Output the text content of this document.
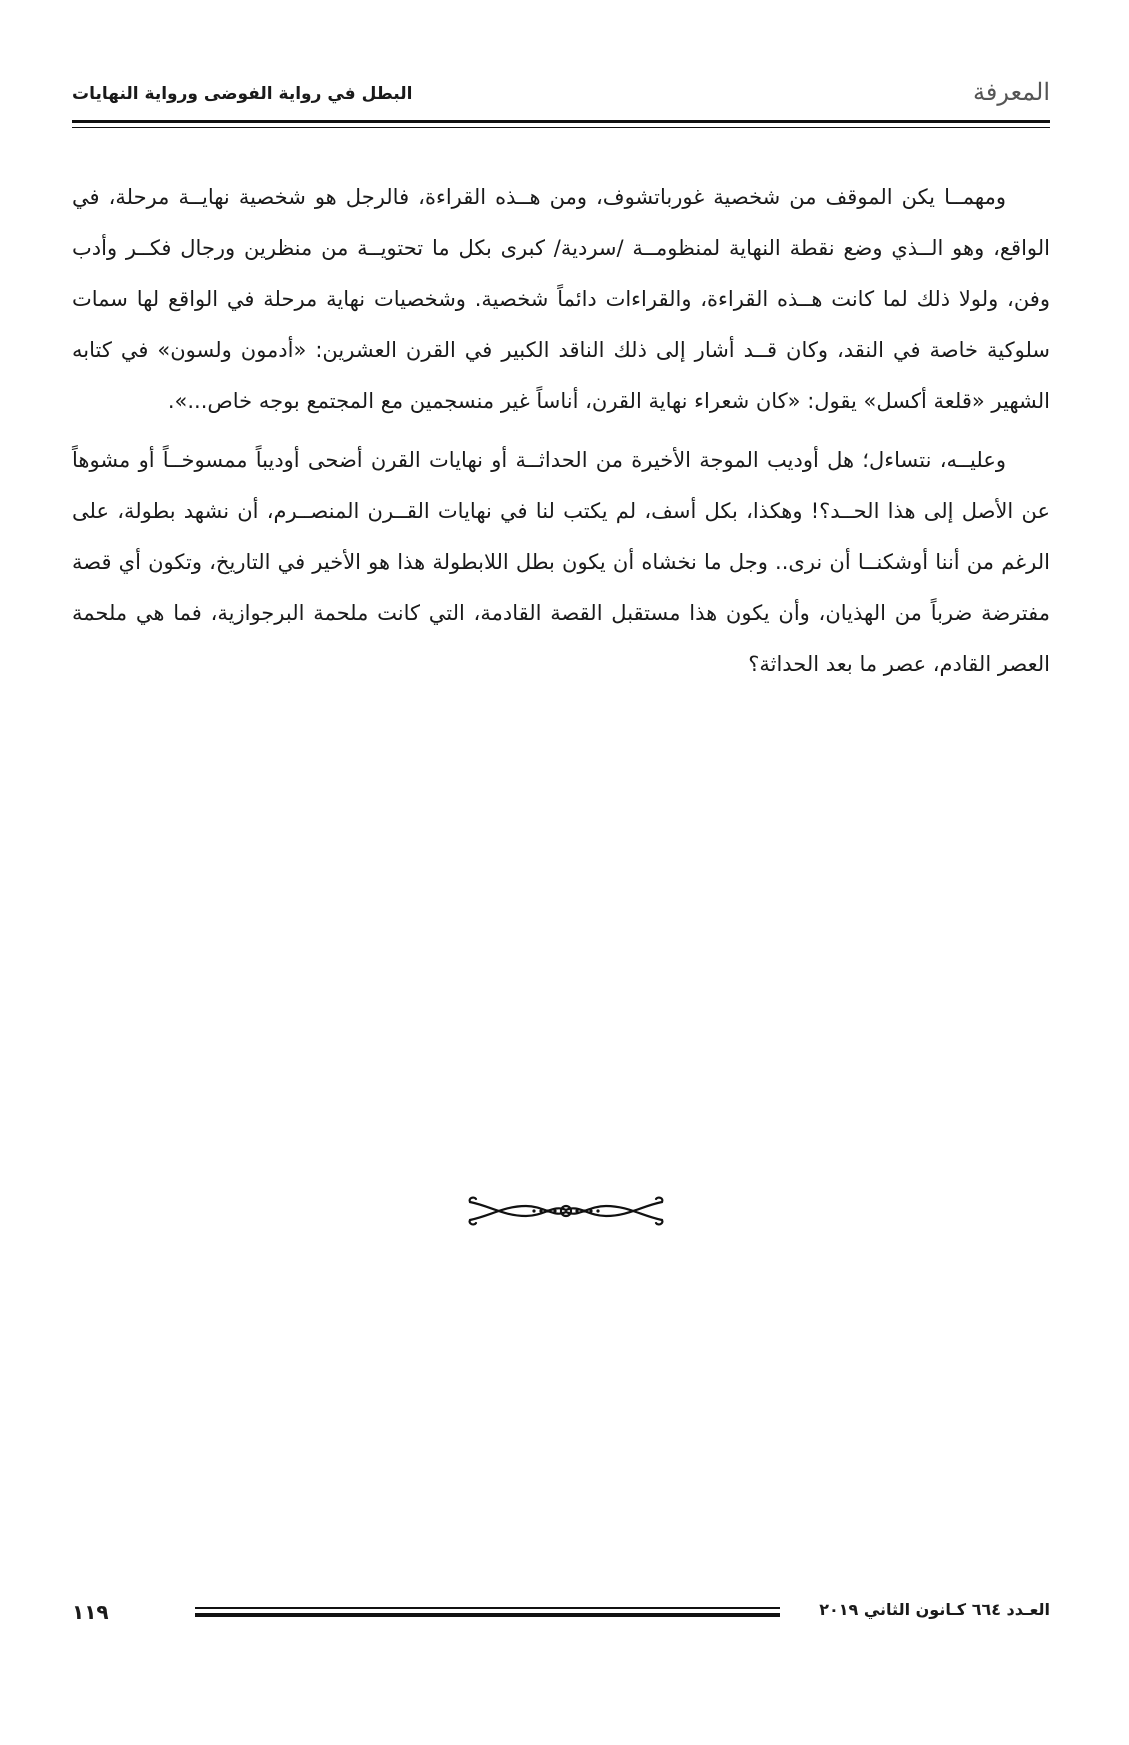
البطل في رواية الفوضى ورواية النهايات	المعرفة

ومهمــا يكن الموقف من شخصية غورباتشوف، ومن هــذه القراءة، فالرجل هو شخصية نهايــة مرحلة، في الواقع، وهو الــذي وضع نقطة النهاية لمنظومــة /سردية/ كبرى بكل ما تحتويــة من منظرين ورجال فكــر وأدب وفن، ولولا ذلك لما كانت هــذه القراءة، والقراءات دائماً شخصية. وشخصيات نهاية مرحلة في الواقع لها سمات سلوكية خاصة في النقد، وكان قــد أشار إلى ذلك الناقد الكبير في القرن العشرين: «أدمون ولسون» في كتابه الشهير «قلعة أكسل» يقول: «كان شعراء نهاية القرن، أناساً غير منسجمين مع المجتمع بوجه خاص...».

وعليــه، نتساءل؛ هل أوديب الموجة الأخيرة من الحداثــة أو نهايات القرن أضحى أوديباً ممسوخــاً أو مشوهاً عن الأصل إلى هذا الحــد؟! وهكذا، بكل أسف، لم يكتب لنا في نهايات القــرن المنصــرم، أن نشهد بطولة، على الرغم من أننا أوشكنــا أن نرى.. وجل ما نخشاه أن يكون بطل اللابطولة هذا هو الأخير في التاريخ، وتكون أي قصة مفترضة ضرباً من الهذيان، وأن يكون هذا مستقبل القصة القادمة، التي كانت ملحمة البرجوازية، فما هي ملحمة العصر القادم، عصر ما بعد الحداثة؟

١١٩	العـدد ٦٦٤ كـانون الثاني ٢٠١٩
